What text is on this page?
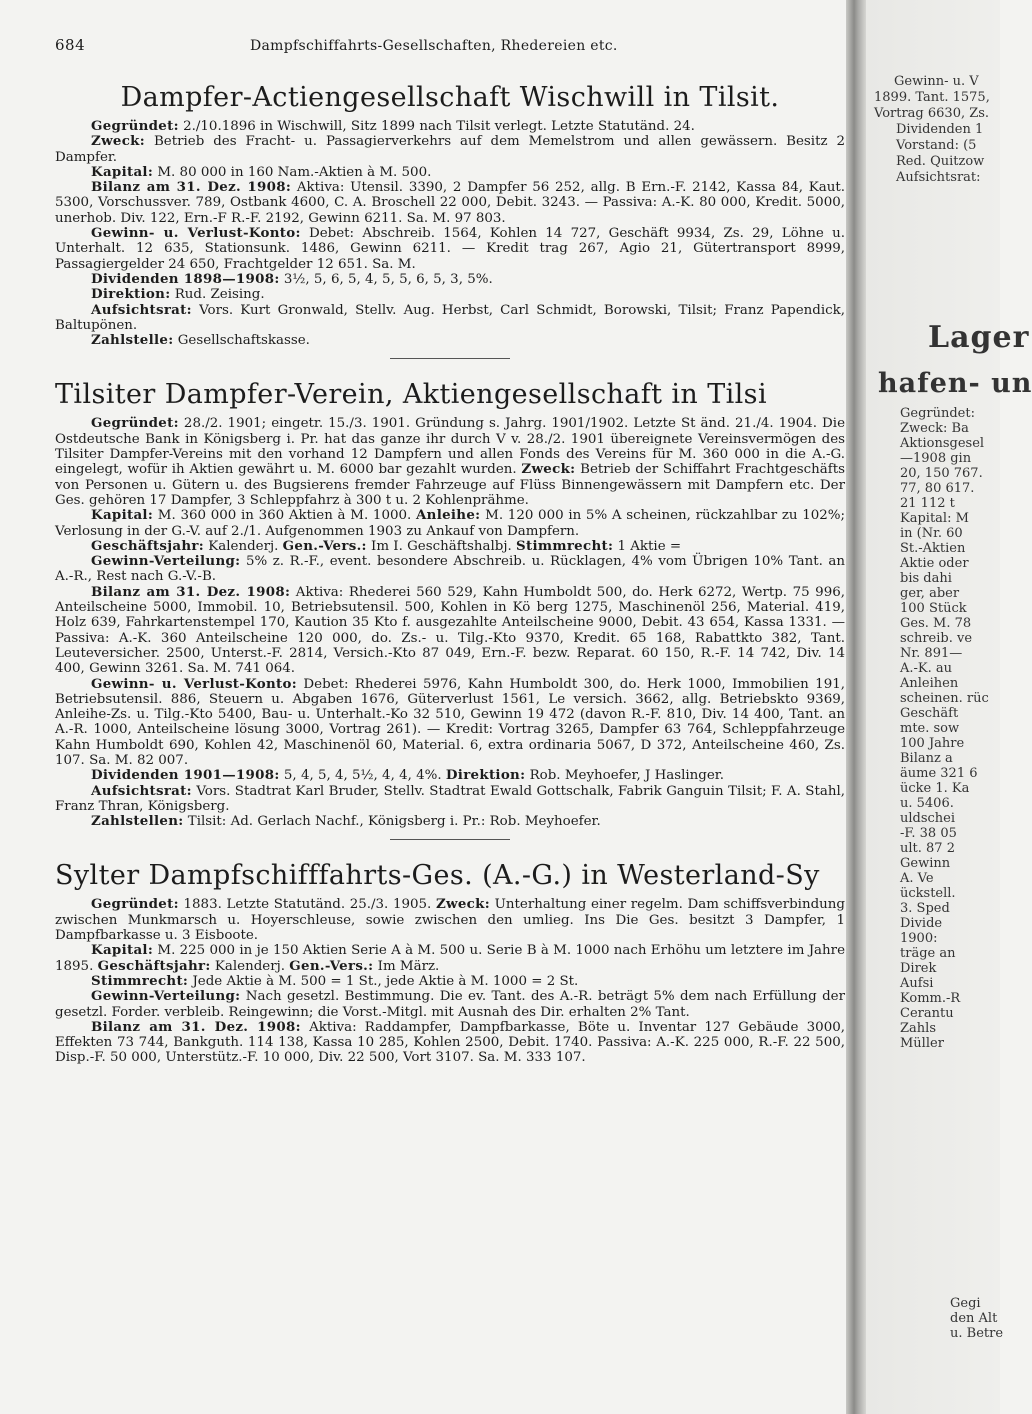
684	Dampfschiffahrts-Gesellschaften, Rhedereien etc.
Dampfer-Actiengesellschaft Wischwill in Tilsit.

Gegründet: 2./10.1896 in Wischwill, Sitz 1899 nach Tilsit verlegt. Letzte Statutänd. 24.

Zweck: Betrieb des Fracht- u. Passagierverkehrs auf dem Memelstrom und allen gewässern. Besitz 2 Dampfer.

Kapital: M. 80 000 in 160 Nam.-Aktien à M. 500.

Bilanz am 31. Dez. 1908: Aktiva: Utensil. 3390, 2 Dampfer 56 252, allg. B Ern.-F. 2142, Kassa 84, Kaut. 5300, Vorschussver. 789, Ostbank 4600, C. A. Broschell 22 000, Debit. 3243. — Passiva: A.-K. 80 000, Kredit. 5000, unerhob. Div. 122, Ern.-F R.-F. 2192, Gewinn 6211. Sa. M. 97 803.

Gewinn- u. Verlust-Konto: Debet: Abschreib. 1564, Kohlen 14 727, Geschäft 9934, Zs. 29, Löhne u. Unterhalt. 12 635, Stationsunk. 1486, Gewinn 6211. — Kredit trag 267, Agio 21, Gütertransport 8999, Passagiergelder 24 650, Frachtgelder 12 651. Sa. M.

Dividenden 1898—1908: 3½, 5, 6, 5, 4, 5, 5, 6, 5, 3, 5%.

Direktion: Rud. Zeising.

Aufsichtsrat: Vors. Kurt Gronwald, Stellv. Aug. Herbst, Carl Schmidt, Borowski, Tilsit; Franz Papendick, Baltupönen.

Zahlstelle: Gesellschaftskasse.

Tilsiter Dampfer-Verein, Aktiengesellschaft in Tilsi

Gegründet: 28./2. 1901; eingetr. 15./3. 1901. Gründung s. Jahrg. 1901/1902. Letzte St änd. 21./4. 1904. Die Ostdeutsche Bank in Königsberg i. Pr. hat das ganze ihr durch V v. 28./2. 1901 übereignete Vereinsvermögen des Tilsiter Dampfer-Vereins mit den vorhand 12 Dampfern und allen Fonds des Vereins für M. 360 000 in die A.-G. eingelegt, wofür ih Aktien gewährt u. M. 6000 bar gezahlt wurden. Zweck: Betrieb der Schiffahrt Frachtgeschäfts von Personen u. Gütern u. des Bugsierens fremder Fahrzeuge auf Flüss Binnengewässern mit Dampfern etc. Der Ges. gehören 17 Dampfer, 3 Schleppfahrz à 300 t u. 2 Kohlenprähme.

Kapital: M. 360 000 in 360 Aktien à M. 1000. Anleihe: M. 120 000 in 5% A scheinen, rückzahlbar zu 102%; Verlosung in der G.-V. auf 2./1. Aufgenommen 1903 zu Ankauf von Dampfern.

Geschäftsjahr: Kalenderj. Gen.-Vers.: Im I. Geschäftshalbj. Stimmrecht: 1 Aktie =

Gewinn-Verteilung: 5% z. R.-F., event. besondere Abschreib. u. Rücklagen, 4% vom Übrigen 10% Tant. an A.-R., Rest nach G.-V.-B.

Bilanz am 31. Dez. 1908: Aktiva: Rhederei 560 529, Kahn Humboldt 500, do. Herk 6272, Wertp. 75 996, Anteilscheine 5000, Immobil. 10, Betriebsutensil. 500, Kohlen in Kö berg 1275, Maschinenöl 256, Material. 419, Holz 639, Fahrkartenstempel 170, Kaution 35 Kto f. ausgezahlte Anteilscheine 9000, Debit. 43 654, Kassa 1331. — Passiva: A.-K. 360 Anteilscheine 120 000, do. Zs.- u. Tilg.-Kto 9370, Kredit. 65 168, Rabattkto 382, Tant. Leuteversicher. 2500, Unterst.-F. 2814, Versich.-Kto 87 049, Ern.-F. bezw. Reparat. 60 150, R.-F. 14 742, Div. 14 400, Gewinn 3261. Sa. M. 741 064.

Gewinn- u. Verlust-Konto: Debet: Rhederei 5976, Kahn Humboldt 300, do. Herk 1000, Immobilien 191, Betriebsutensil. 886, Steuern u. Abgaben 1676, Güterverlust 1561, Le versich. 3662, allg. Betriebskto 9369, Anleihe-Zs. u. Tilg.-Kto 5400, Bau- u. Unterhalt.-Ko 32 510, Gewinn 19 472 (davon R.-F. 810, Div. 14 400, Tant. an A.-R. 1000, Anteilscheine lösung 3000, Vortrag 261). — Kredit: Vortrag 3265, Dampfer 63 764, Schleppfahrzeuge Kahn Humboldt 690, Kohlen 42, Maschinenöl 60, Material. 6, extra ordinaria 5067, D 372, Anteilscheine 460, Zs. 107. Sa. M. 82 007.

Dividenden 1901—1908: 5, 4, 5, 4, 5½, 4, 4, 4%. Direktion: Rob. Meyhoefer, J Haslinger.

Aufsichtsrat: Vors. Stadtrat Karl Bruder, Stellv. Stadtrat Ewald Gottschalk, Fabrik Ganguin Tilsit; F. A. Stahl, Franz Thran, Königsberg.

Zahlstellen: Tilsit: Ad. Gerlach Nachf., Königsberg i. Pr.: Rob. Meyhoefer.

Sylter Dampfschifffahrts-Ges. (A.-G.) in Westerland-Sy

Gegründet: 1883. Letzte Statutänd. 25./3. 1905. Zweck: Unterhaltung einer regelm. Dam schiffsverbindung zwischen Munkmarsch u. Hoyerschleuse, sowie zwischen den umlieg. Ins Die Ges. besitzt 3 Dampfer, 1 Dampfbarkasse u. 3 Eisboote.

Kapital: M. 225 000 in je 150 Aktien Serie A à M. 500 u. Serie B à M. 1000 nach Erhöhu um letztere im Jahre 1895. Geschäftsjahr: Kalenderj. Gen.-Vers.: Im März.

Stimmrecht: Jede Aktie à M. 500 = 1 St., jede Aktie à M. 1000 = 2 St.

Gewinn-Verteilung: Nach gesetzl. Bestimmung. Die ev. Tant. des A.-R. beträgt 5% dem nach Erfüllung der gesetzl. Forder. verbleib. Reingewinn; die Vorst.-Mitgl. mit Ausnah des Dir. erhalten 2% Tant.

Bilanz am 31. Dez. 1908: Aktiva: Raddampfer, Dampfbarkasse, Böte u. Inventar 127 Gebäude 3000, Effekten 73 744, Bankguth. 114 138, Kassa 10 285, Kohlen 2500, Debit. 1740. Passiva: A.-K. 225 000, R.-F. 22 500, Disp.-F. 50 000, Unterstütz.-F. 10 000, Div. 22 500, Vort 3107. Sa. M. 333 107.

Gewinn- u. V
1899. Tant. 1575,
Vortrag 6630, Zs.
Dividenden 1
Vorstand: (5
Red. Quitzow
Aufsichtsrat:
Lager
hafen- un
Gegründet:
Zweck: Ba
Aktionsgesel
—1908 gin
20, 150 767.
77, 80 617.
21 112 t
Kapital: M
in (Nr. 60
St.-Aktien
Aktie oder
bis dahi
ger, aber
100 Stück
Ges. M. 78
schreib. ve
Nr. 891—
A.-K. au
Anleihen
scheinen. rüc
Geschäft
mte. sow
100 Jahre
Bilanz a
äume 321 6
ücke 1. Ka
u. 5406.
uldschei
-F. 38 05
ult. 87 2
Gewinn
A. Ve
ückstell.
3. Sped
Divide
1900:
träge an
Direk
Aufsi
Komm.-R
Cerantu
Zahls
Müller
Gegi
den Alt
u. Betre
